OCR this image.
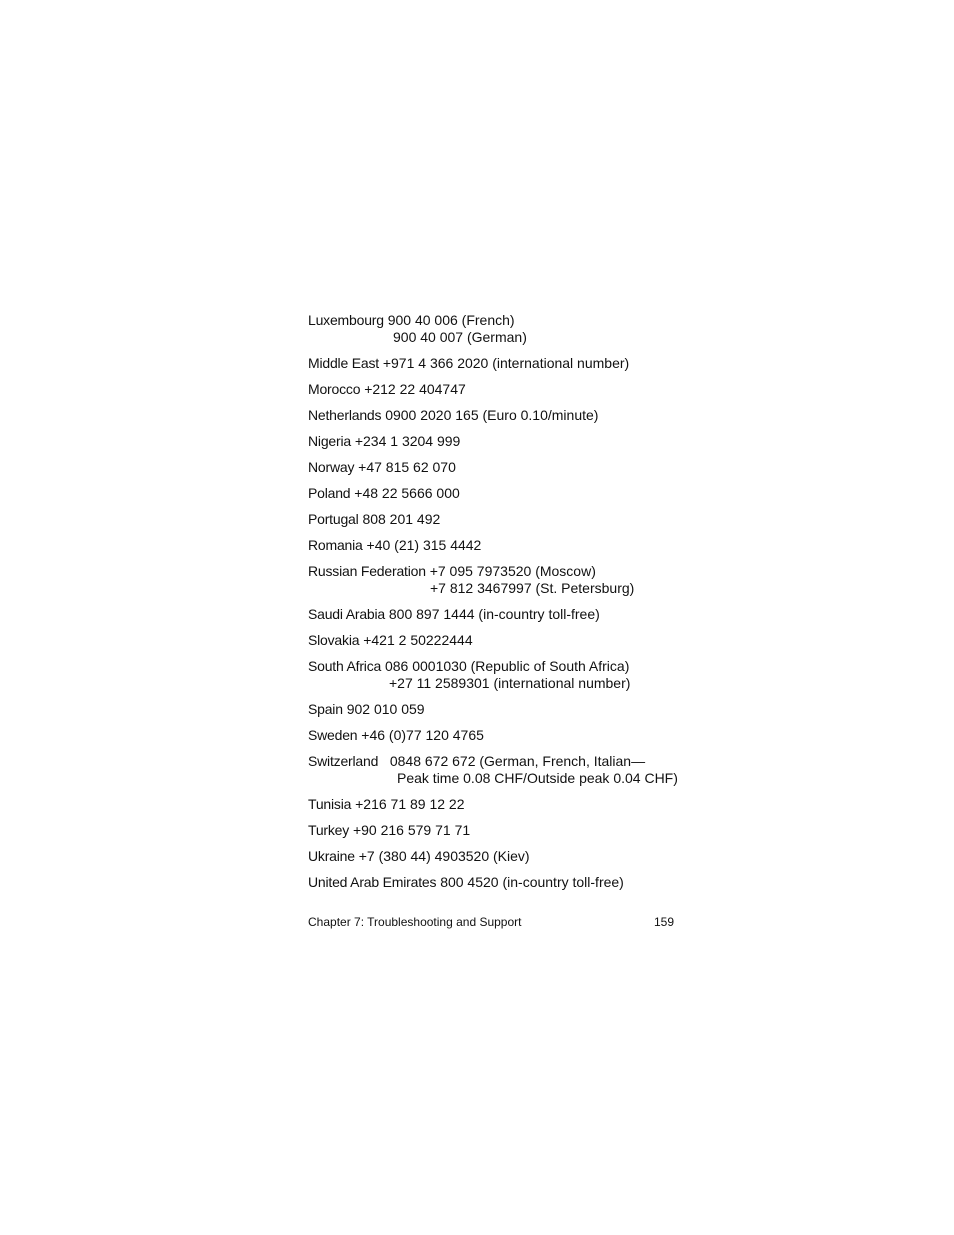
Luxembourg 900 40 006 (French)
900 40 007 (German)
Middle East +971 4 366 2020 (international number)
Morocco +212 22 404747
Netherlands 0900 2020 165 (Euro 0.10/minute)
Nigeria +234 1 3204 999
Norway +47 815 62 070
Poland +48 22 5666 000
Portugal 808 201 492
Romania +40 (21) 315 4442
Russian Federation +7 095 7973520 (Moscow)
+7 812 3467997 (St. Petersburg)
Saudi Arabia 800 897 1444 (in-country toll-free)
Slovakia +421 2 50222444
South Africa 086 0001030 (Republic of South Africa)
+27 11 2589301 (international number)
Spain 902 010 059
Sweden +46 (0)77 120 4765
Switzerland 0848 672 672 (German, French, Italian—
Peak time 0.08 CHF/Outside peak 0.04 CHF)
Tunisia +216 71 89 12 22
Turkey +90 216 579 71 71
Ukraine +7 (380 44) 4903520 (Kiev)
United Arab Emirates 800 4520 (in-country toll-free)
Chapter 7: Troubleshooting and Support	159
